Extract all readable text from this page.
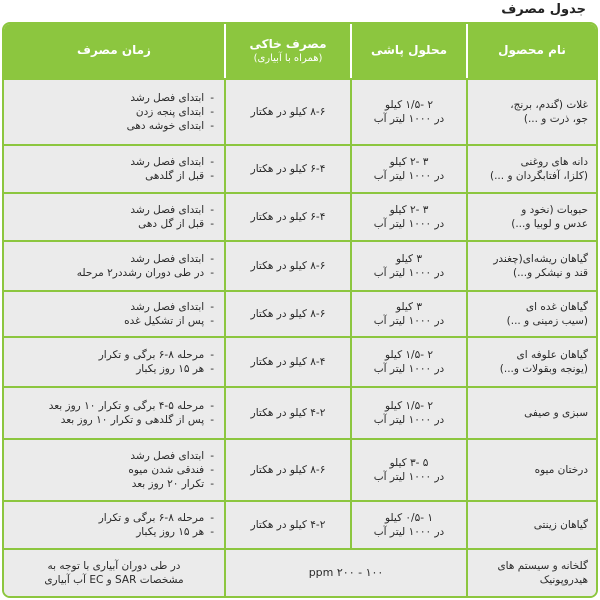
جدول مصرف
نام محصول
محلول پاشی
مصرف خاکی
(همراه با آبیاری)
زمان مصرف
غلات (گندم، برنج،
جو، ذرت و ...)
۲ -۱/۵ کیلو
در ۱۰۰۰ لیتر آب
۸-۶ کیلو در هکتار
- ابتدای فصل رشد
- ابتدای پنجه زدن
- ابتدای خوشه دهی
دانه های روغنی
(کلزا، آفتابگردان و ...)
۳ -۲ کیلو
در ۱۰۰۰ لیتر آب
۶-۴ کیلو در هکتار
- ابتدای فصل رشد
- قبل از گلدهی
حبوبات (نخود و
عدس و لوبیا و...)
۳ -۲ کیلو
در ۱۰۰۰ لیتر آب
۶-۴ کیلو در هکتار
- ابتدای فصل رشد
- قبل از گل دهی
گیاهان ریشه‌ای(چغندر
قند و نیشکر و...)
۳ کیلو
در ۱۰۰۰ لیتر آب
۸-۶ کیلو در هکتار
- ابتدای فصل رشد
- در طی دوران رشددر۲ مرحله
گیاهان غده ای
(سیب زمینی و ...)
۳ کیلو
در ۱۰۰۰ لیتر آب
۸-۶ کیلو در هکتار
- ابتدای فصل رشد
- پس از تشکیل غده
گیاهان علوفه ای
(یونجه وبقولات و...)
۲ -۱/۵ کیلو
در ۱۰۰۰ لیتر آب
۸-۴ کیلو در هکتار
- مرحله ۸-۶ برگی و تکرار
- هر ۱۵ روز یکبار
سبزی و صیفی
۲ -۱/۵ کیلو
در ۱۰۰۰ لیتر آب
۴-۲ کیلو در هکتار
- مرحله ۵-۴ برگی و تکرار ۱۰ روز بعد
- پس از گلدهی و تکرار ۱۰ روز بعد
درختان میوه
۵ -۳ کیلو
در ۱۰۰۰ لیتر آب
۸-۶ کیلو در هکتار
- ابتدای فصل رشد
- فندقی شدن میوه
- تکرار ۲۰ روز بعد
گیاهان زینتی
۱ -۰/۵ کیلو
در ۱۰۰۰ لیتر آب
۴-۲ کیلو در هکتار
- مرحله ۸-۶ برگی و تکرار
- هر ۱۵ روز یکبار
گلخانه و سیستم های
هیدروپونیک
۱۰۰ - ۲۰۰ ppm
در طی دوران آبیاری با توجه به
مشخصات SAR و EC آب آبیاری
